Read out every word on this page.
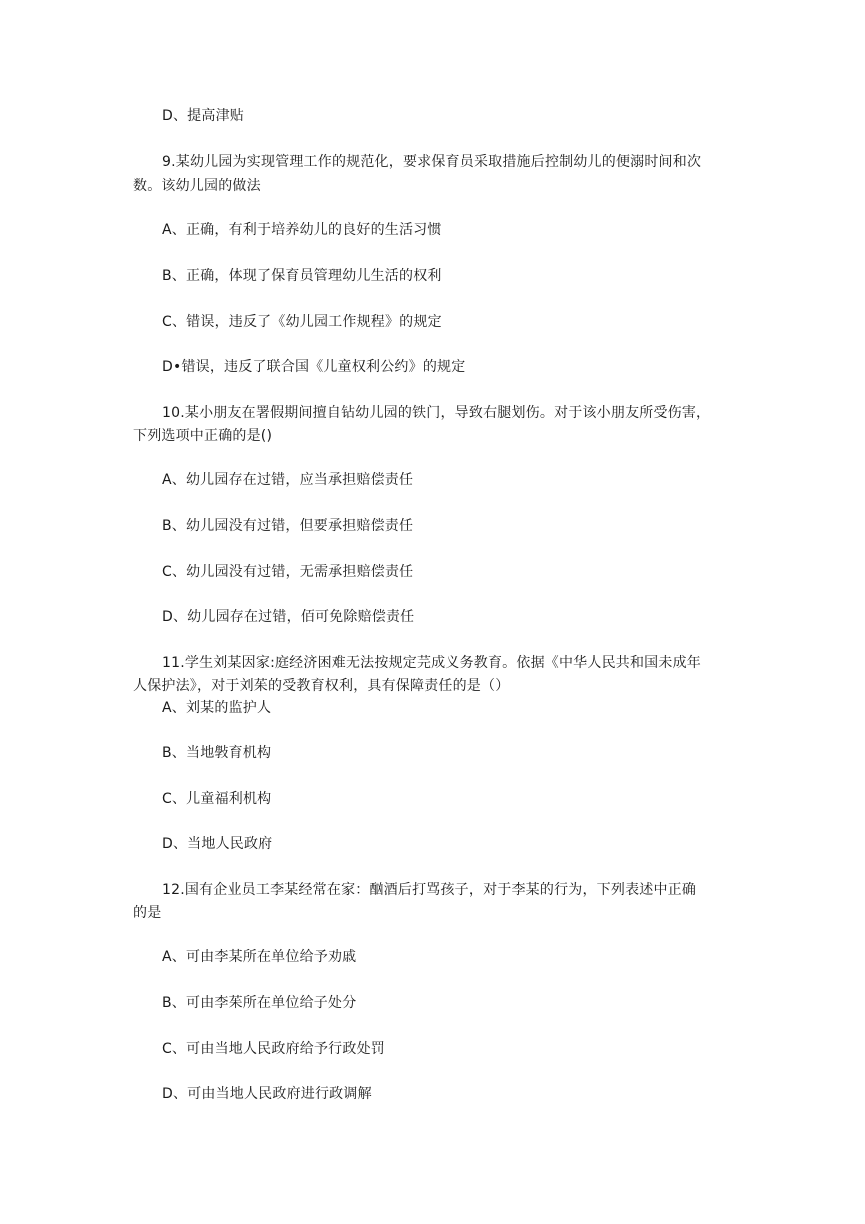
D、提高津贴
9.某幼儿园为实现管理工作的规范化，要求保育员采取措施后控制幼儿的便溺时间和次
数。该幼儿园的做法
A、正确，有利于培养幼儿的良好的生活习惯
B、正确，体现了保育员管理幼儿生活的权利
C、错误，违反了《幼儿园工作规程》的规定
D•错误，违反了联合国《儿童权利公约》的规定
10.某小朋友在署假期间擅自钻幼儿园的铁门，导致右腿划伤。对于该小朋友所受伤害，
下列选项中正确的是()
A、幼儿园存在过错，应当承担赔偿责任
B、幼儿园没有过错，但要承担赔偿责任
C、幼儿园没有过错，无需承担赔偿责任
D、幼儿园存在过错，佰可免除赔偿责任
11.学生刘某因家:庭经济困难无法按规定芫成义务教育。依据《中华人民共和国未成年
人保护法》，对于刘茱的受教育权利，具有保障责任的是（）
A、刘某的监护人
B、当地斅育机构
C、儿童福利机构
D、当地人民政府
12.国有企业员工李某经常在家：酗酒后打骂孩子，对于李某的行为，下列表述中正确
的是
A、可由李某所在单位给予劝戚
B、可由李茱所在单位给子处分
C、可由当地人民政府给予行政处罚
D、可由当地人民政府进行政调解
